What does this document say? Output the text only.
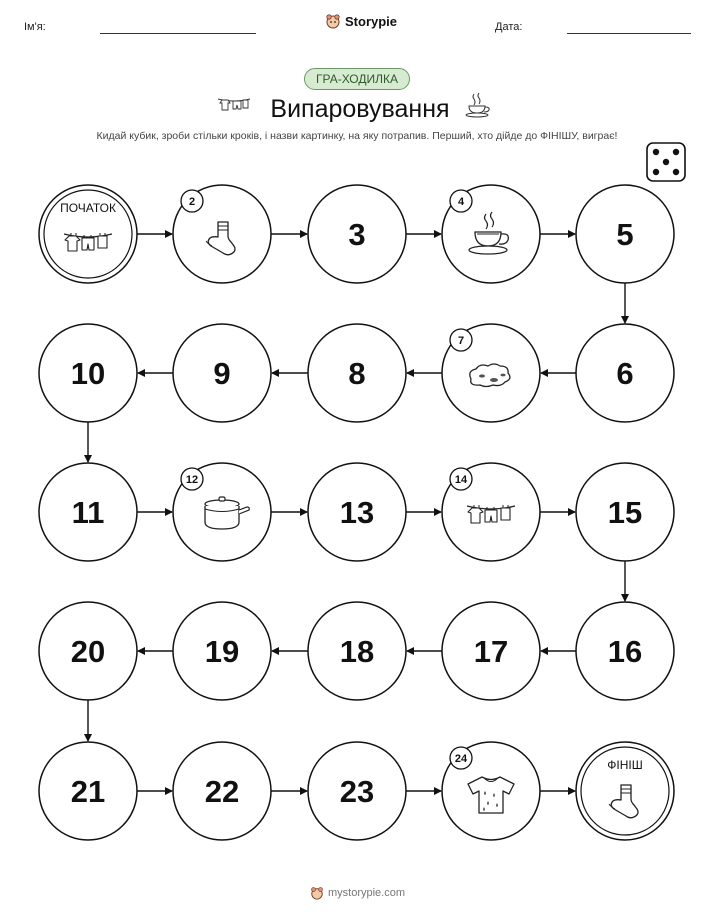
Ім'я:	Storypie	Дата:
ГРА-ХОДИЛКА
Випаровування
Кидай кубик, зроби стільки кроків, і назви картинку, на яку потрапив. Перший, хто дійде до ФІНІШУ, виграє!
ПОЧАТОК	2
3
4
5
6
7
8
9
10
11
12
13
14
15
16
17
18
19
20
21	22	23
24	ФІНІШ
mystorypie.com
